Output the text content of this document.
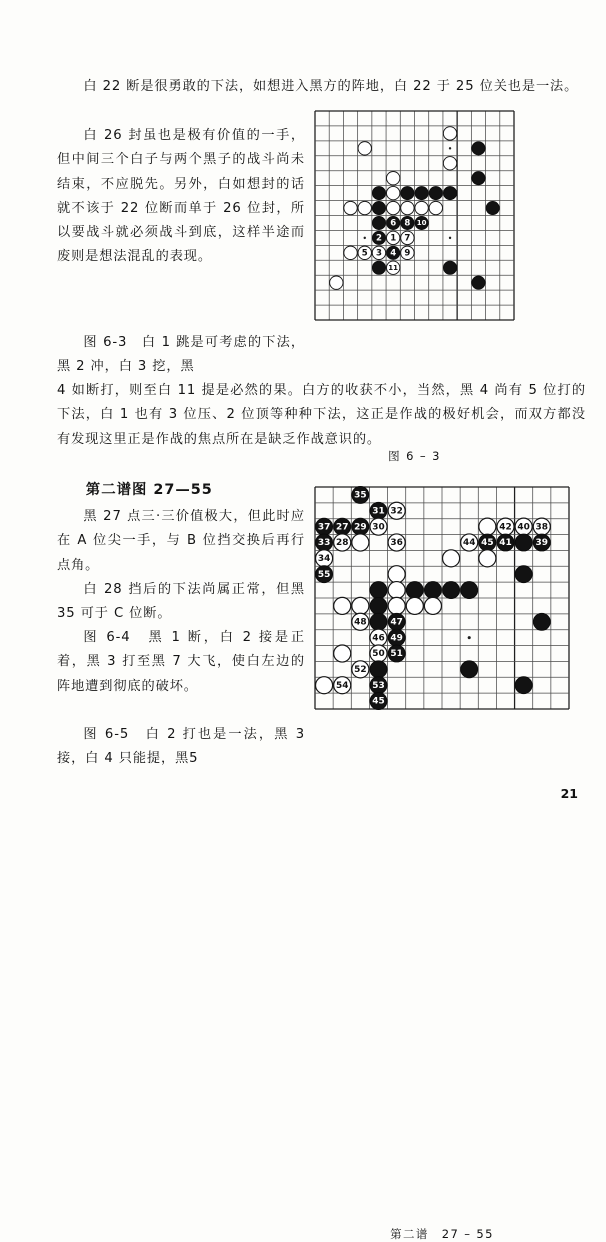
白 22 断是很勇敢的下法，如想进入黑方的阵地，白 22 于 25 位关也是一法。

白 26 封虽也是极有价值的一手，但中间三个白子与两个黑子的战斗尚未结束，不应脱先。另外，白如想封的话就不该于 22 位断而单于 26 位封，所以要战斗就必须战斗到底，这样半途而废则是想法混乱的表现。

图 6-3　白 1 跳是可考虑的下法，黑 2 冲，白 3 挖，黑

4 如断打，则至白 11 提是必然的果。白方的收获不小，当然，黑 4 尚有 5 位打的下法，白 1 也有 3 位压、2 位顶等种种下法，这正是作战的极好机会，而双方都没有发现这里正是作战的焦点所在是缺乏作战意识的。

第二谱图 27—55

黑 27 点三·三价值极大，但此时应在 A 位尖一手，与 B 位挡交换后再行点角。

白 28 挡后的下法尚属正常，但黑 35 可于 C 位断。

图 6-4　黑 1 断，白 2 接是正着，黑 3 打至黑 7 大飞，使白左边的阵地遭到彻底的破坏。

图 6-5　白 2 打也是一法，黑 3 接，白 4 只能提，黑5

图 6 – 3
第二谱　27 – 55
21
